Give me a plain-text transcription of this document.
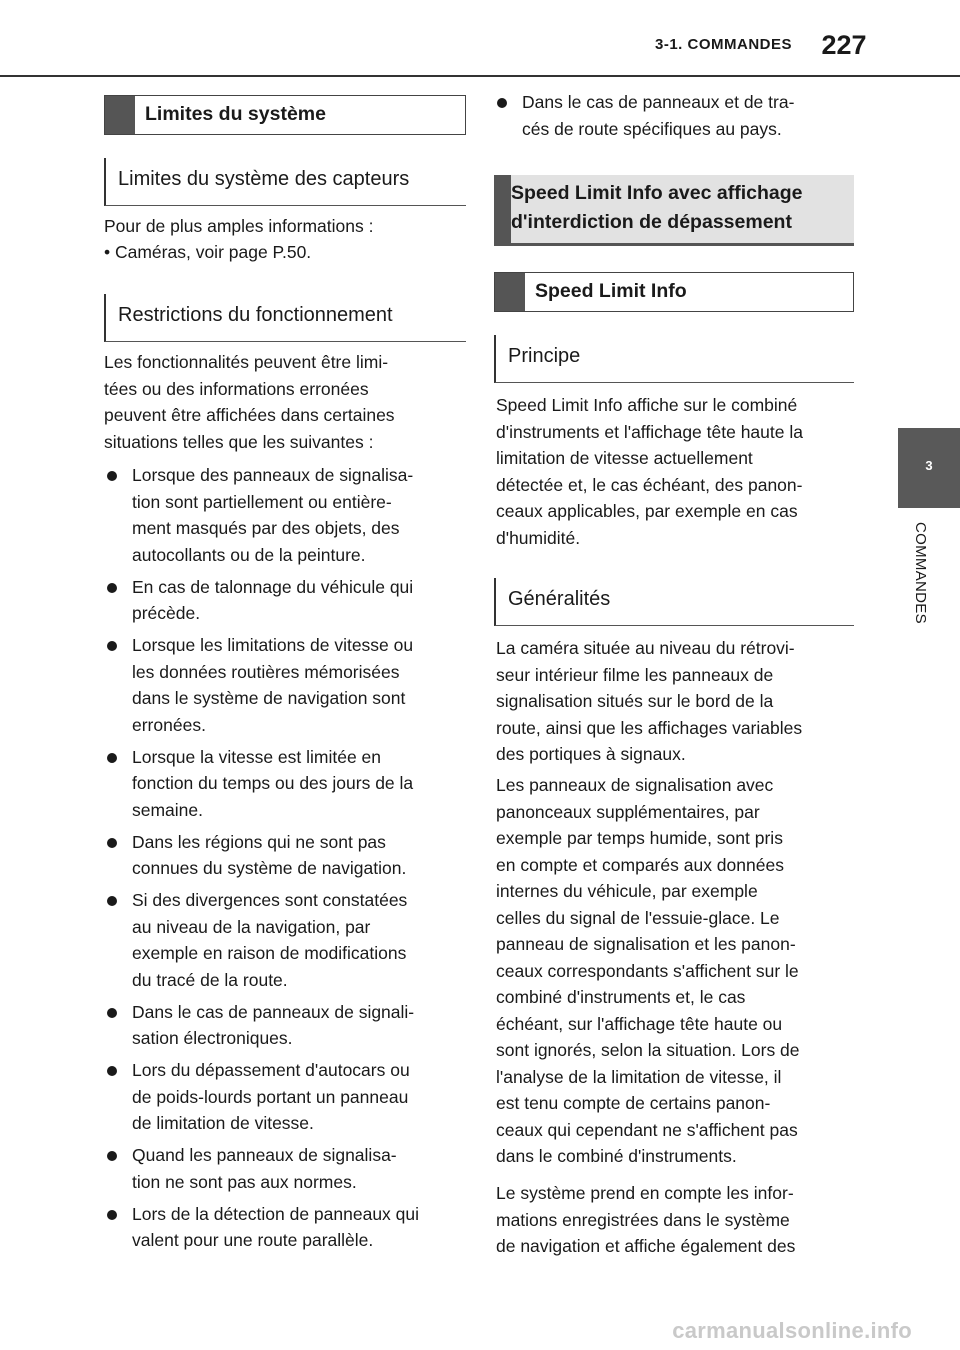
3-1. COMMANDES	227
3
COMMANDES
Limites du système
Limites du système des capteurs
Pour de plus amples informations :
• Caméras, voir page P.50.
Restrictions du fonctionnement
Les fonctionnalités peuvent être limi-
tées ou des informations erronées
peuvent être affichées dans certaines
situations telles que les suivantes :
Lorsque des panneaux de signalisa-
tion sont partiellement ou entière-
ment masqués par des objets, des
autocollants ou de la peinture.
En cas de talonnage du véhicule qui
précède.
Lorsque les limitations de vitesse ou
les données routières mémorisées
dans le système de navigation sont
erronées.
Lorsque la vitesse est limitée en
fonction du temps ou des jours de la
semaine.
Dans les régions qui ne sont pas
connues du système de navigation.
Si des divergences sont constatées
au niveau de la navigation, par
exemple en raison de modifications
du tracé de la route.
Dans le cas de panneaux de signali-
sation électroniques.
Lors du dépassement d'autocars ou
de poids-lourds portant un panneau
de limitation de vitesse.
Quand les panneaux de signalisa-
tion ne sont pas aux normes.
Lors de la détection de panneaux qui
valent pour une route parallèle.
Dans le cas de panneaux et de tra-
cés de route spécifiques au pays.
Speed Limit Info avec affichage
d'interdiction de dépassement
Speed Limit Info
Principe
Speed Limit Info affiche sur le combiné
d'instruments et l'affichage tête haute la
limitation de vitesse actuellement
détectée et, le cas échéant, des panon-
ceaux applicables, par exemple en cas
d'humidité.
Généralités
La caméra située au niveau du rétrovi-
seur intérieur filme les panneaux de
signalisation situés sur le bord de la
route, ainsi que les affichages variables
des portiques à signaux.
Les panneaux de signalisation avec
panonceaux supplémentaires, par
exemple par temps humide, sont pris
en compte et comparés aux données
internes du véhicule, par exemple
celles du signal de l'essuie-glace. Le
panneau de signalisation et les panon-
ceaux correspondants s'affichent sur le
combiné d'instruments et, le cas
échéant, sur l'affichage tête haute ou
sont ignorés, selon la situation. Lors de
l'analyse de la limitation de vitesse, il
est tenu compte de certains panon-
ceaux qui cependant ne s'affichent pas
dans le combiné d'instruments.
Le système prend en compte les infor-
mations enregistrées dans le système
de navigation et affiche également des
carmanualsonline.info
